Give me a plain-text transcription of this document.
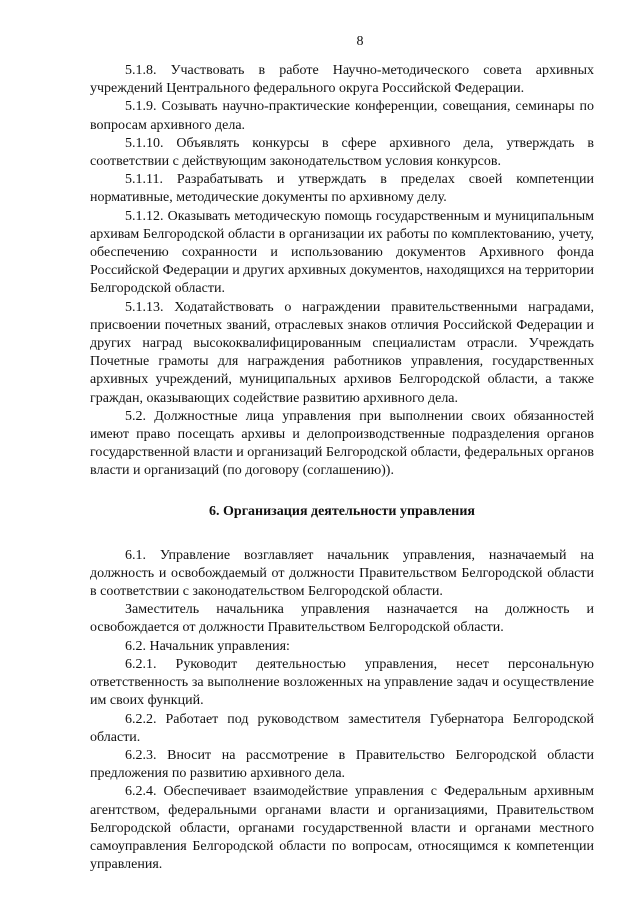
8

5.1.8. Участвовать в работе Научно-методического совета архивных учреждений Центрального федерального округа Российской Федерации.

5.1.9. Созывать научно-практические конференции, совещания, семинары по вопросам архивного дела.

5.1.10. Объявлять конкурсы в сфере архивного дела, утверждать в соответствии с действующим законодательством условия конкурсов.

5.1.11. Разрабатывать и утверждать в пределах своей компетенции нормативные, методические документы по архивному делу.

5.1.12. Оказывать методическую помощь государственным и муниципальным архивам Белгородской области в организации их работы по комплектованию, учету, обеспечению сохранности и использованию документов Архивного фонда Российской Федерации и других архивных документов, находящихся на территории Белгородской области.

5.1.13. Ходатайствовать о награждении правительственными наградами, присвоении почетных званий, отраслевых знаков отличия Российской Федерации и других наград высококвалифицированным специалистам отрасли. Учреждать Почетные грамоты для награждения работников управления, государственных архивных учреждений, муниципальных архивов Белгородской области, а также граждан, оказывающих содействие развитию архивного дела.

5.2. Должностные лица управления при выполнении своих обязанностей имеют право посещать архивы и делопроизводственные подразделения органов государственной власти и организаций Белгородской области, федеральных органов власти и организаций (по договору (соглашению)).

6. Организация деятельности управления

6.1. Управление возглавляет начальник управления, назначаемый на должность и освобождаемый от должности Правительством Белгородской области в соответствии с законодательством Белгородской области.

Заместитель начальника управления назначается на должность и освобождается от должности Правительством Белгородской области.

6.2. Начальник управления:

6.2.1. Руководит деятельностью управления, несет персональную ответственность за выполнение возложенных на управление задач и осуществление им своих функций.

6.2.2. Работает под руководством заместителя Губернатора Белгородской области.

6.2.3. Вносит на рассмотрение в Правительство Белгородской области предложения по развитию архивного дела.

6.2.4. Обеспечивает взаимодействие управления с Федеральным архивным агентством, федеральными органами власти и организациями, Правительством Белгородской области, органами государственной власти и органами местного самоуправления Белгородской области по вопросам, относящимся к компетенции управления.
